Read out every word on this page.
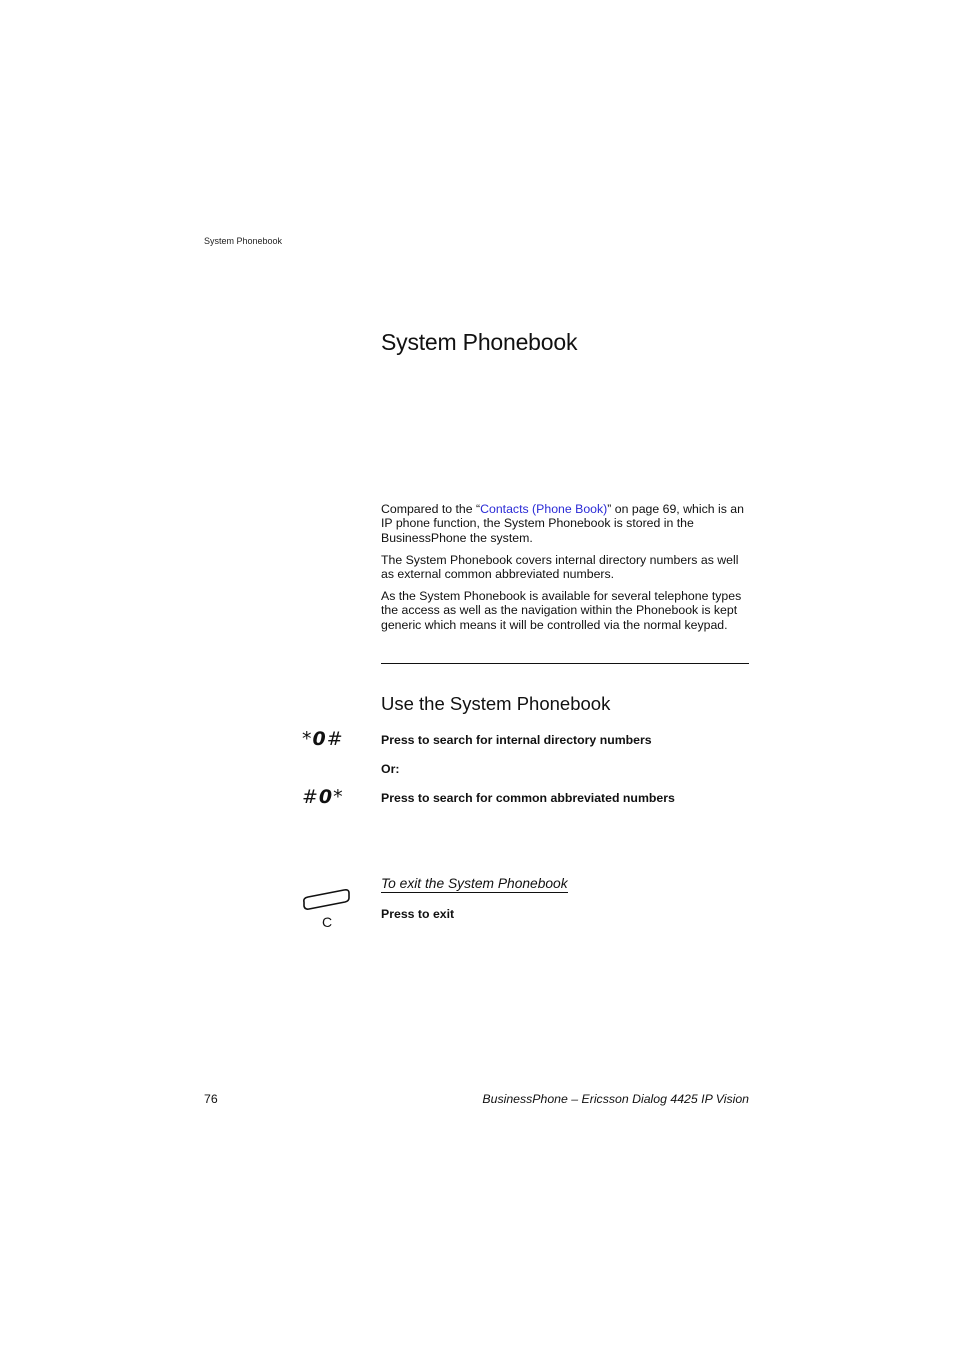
System Phonebook
System Phonebook

Compared to the “Contacts (Phone Book)” on page 69, which is an IP phone function, the System Phonebook is stored in the BusinessPhone the system.

The System Phonebook covers internal directory numbers as well as external common abbreviated numbers.

As the System Phonebook is available for several telephone types the access as well as the navigation within the Phonebook is kept generic which means it will be controlled via the normal keypad.

Use the System Phonebook
*0#	Press to search for internal directory numbers
Or:
#0*	Press to search for common abbreviated numbers
To exit the System Phonebook
C	Press to exit
76	BusinessPhone – Ericsson Dialog 4425 IP Vision
